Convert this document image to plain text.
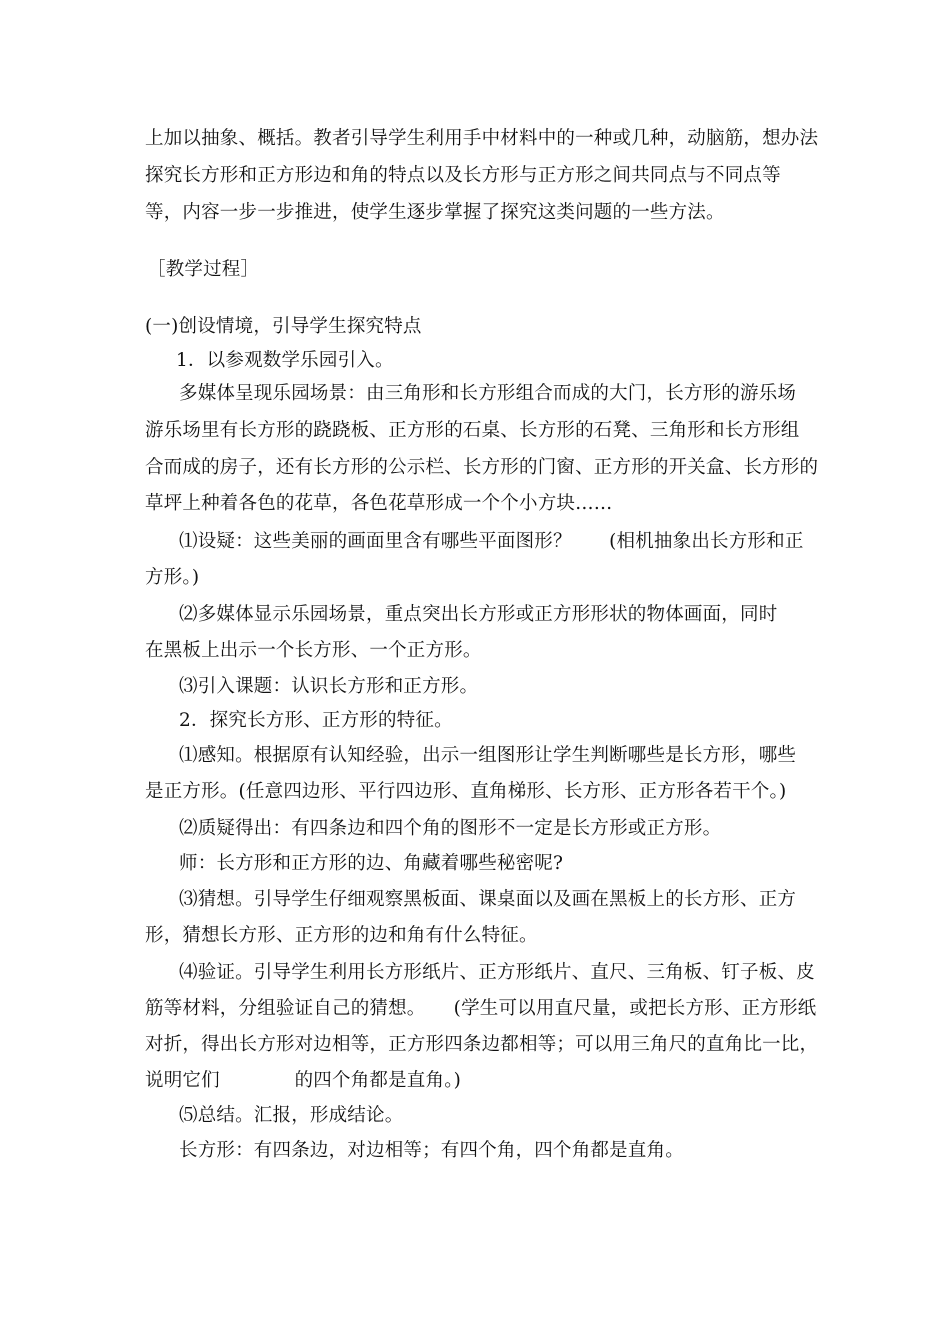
上加以抽象、概括。教者引导学生利用手中材料中的一种或几种，动脑筋，想办法
探究长方形和正方形边和角的特点以及长方形与正方形之间共同点与不同点等
等，内容一步一步推进，使学生逐步掌握了探究这类问题的一些方法。
［教学过程］
(一)创设情境，引导学生探究特点
1．以参观数学乐园引入。
多媒体呈现乐园场景：由三角形和长方形组合而成的大门，长方形的游乐场
游乐场里有长方形的跷跷板、正方形的石桌、长方形的石凳、三角形和长方形组
合而成的房子，还有长方形的公示栏、长方形的门窗、正方形的开关盒、长方形的
草坪上种着各色的花草，各色花草形成一个个小方块……
⑴设疑：这些美丽的画面里含有哪些平面图形？　　(相机抽象出长方形和正
方形。)
⑵多媒体显示乐园场景，重点突出长方形或正方形形状的物体画面，同时
在黑板上出示一个长方形、一个正方形。
⑶引入课题：认识长方形和正方形。
2．探究长方形、正方形的特征。
⑴感知。根据原有认知经验，出示一组图形让学生判断哪些是长方形，哪些
是正方形。(任意四边形、平行四边形、直角梯形、长方形、正方形各若干个。)
⑵质疑得出：有四条边和四个角的图形不一定是长方形或正方形。
师：长方形和正方形的边、角藏着哪些秘密呢?
⑶猜想。引导学生仔细观察黑板面、课桌面以及画在黑板上的长方形、正方
形，猜想长方形、正方形的边和角有什么特征。
⑷验证。引导学生利用长方形纸片、正方形纸片、直尺、三角板、钉子板、皮
筋等材料，分组验证自己的猜想。　　(学生可以用直尺量，或把长方形、正方形纸
对折，得出长方形对边相等，正方形四条边都相等；可以用三角尺的直角比一比，
说明它们　　　　的四个角都是直角。)
⑸总结。汇报，形成结论。
长方形：有四条边，对边相等；有四个角，四个角都是直角。
